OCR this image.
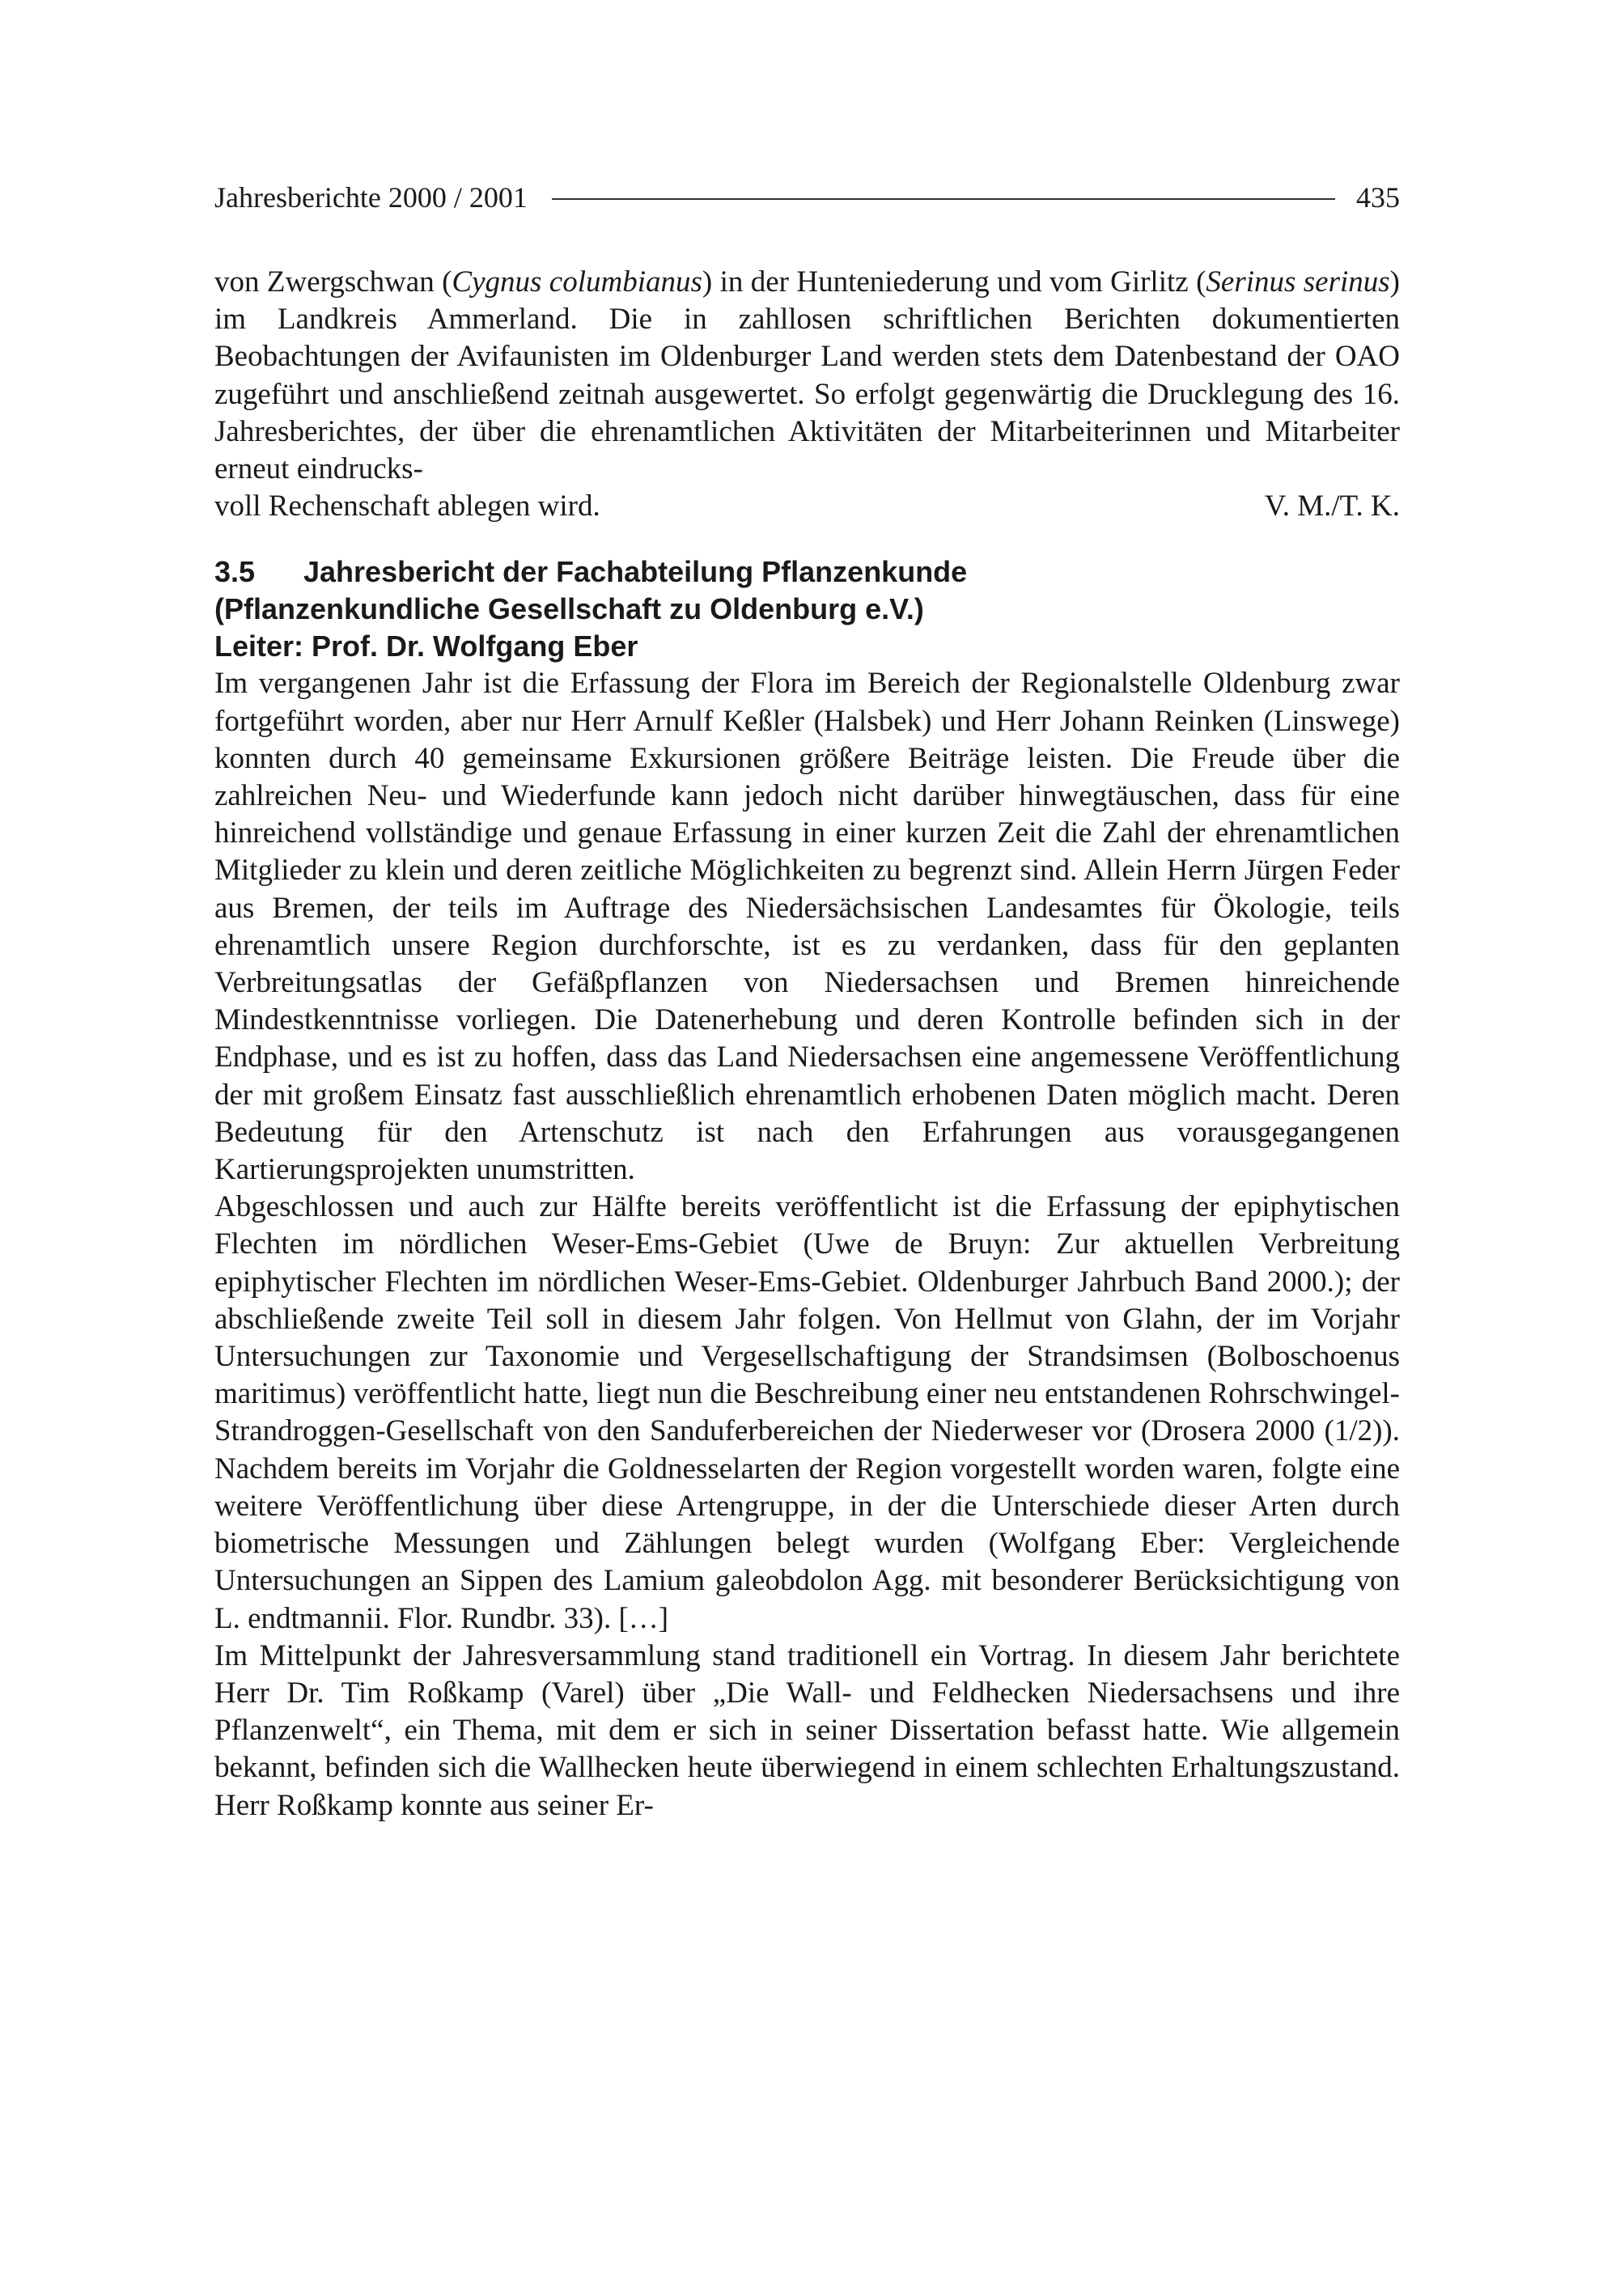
Jahresberichte 2000 / 2001	435

von Zwergschwan (Cygnus columbianus) in der Hunteniederung und vom Girlitz (Serinus serinus) im Landkreis Ammerland. Die in zahllosen schriftlichen Berichten dokumentierten Beobachtungen der Avifaunisten im Oldenburger Land werden stets dem Datenbestand der OAO zugeführt und anschließend zeitnah ausgewertet. So erfolgt gegenwärtig die Drucklegung des 16. Jahresberichtes, der über die ehrenamtlichen Aktivitäten der Mitarbeiterinnen und Mitarbeiter erneut eindrucks-

voll Rechenschaft ablegen wird.	V. M./T. K.
3.5 Jahresbericht der Fachabteilung Pflanzenkunde
(Pflanzenkundliche Gesellschaft zu Oldenburg e.V.)
Leiter: Prof. Dr. Wolfgang Eber

Im vergangenen Jahr ist die Erfassung der Flora im Bereich der Regionalstelle Oldenburg zwar fortgeführt worden, aber nur Herr Arnulf Keßler (Halsbek) und Herr Johann Reinken (Linswege) konnten durch 40 gemeinsame Exkursionen größere Beiträge leisten. Die Freude über die zahlreichen Neu- und Wiederfunde kann jedoch nicht darüber hinwegtäuschen, dass für eine hinreichend vollständige und genaue Erfassung in einer kurzen Zeit die Zahl der ehrenamtlichen Mitglieder zu klein und deren zeitliche Möglichkeiten zu begrenzt sind. Allein Herrn Jürgen Feder aus Bremen, der teils im Auftrage des Niedersächsischen Landesamtes für Ökologie, teils ehrenamtlich unsere Region durchforschte, ist es zu verdanken, dass für den geplanten Verbreitungsatlas der Gefäßpflanzen von Niedersachsen und Bremen hinreichende Mindestkenntnisse vorliegen. Die Datenerhebung und deren Kontrolle befinden sich in der Endphase, und es ist zu hoffen, dass das Land Niedersachsen eine angemessene Veröffentlichung der mit großem Einsatz fast ausschließlich ehrenamtlich erhobenen Daten möglich macht. Deren Bedeutung für den Artenschutz ist nach den Erfahrungen aus vorausgegangenen Kartierungsprojekten unumstritten.

Abgeschlossen und auch zur Hälfte bereits veröffentlicht ist die Erfassung der epiphytischen Flechten im nördlichen Weser-Ems-Gebiet (Uwe de Bruyn: Zur aktuellen Verbreitung epiphytischer Flechten im nördlichen Weser-Ems-Gebiet. Oldenburger Jahrbuch Band 2000.); der abschließende zweite Teil soll in diesem Jahr folgen. Von Hellmut von Glahn, der im Vorjahr Untersuchungen zur Taxonomie und Vergesellschaftigung der Strandsimsen (Bolboschoenus maritimus) veröffentlicht hatte, liegt nun die Beschreibung einer neu entstandenen Rohrschwingel-Strandroggen-Gesellschaft von den Sanduferbereichen der Niederweser vor (Drosera 2000 (1/2)). Nachdem bereits im Vorjahr die Goldnesselarten der Region vorgestellt worden waren, folgte eine weitere Veröffentlichung über diese Artengruppe, in der die Unterschiede dieser Arten durch biometrische Messungen und Zählungen belegt wurden (Wolfgang Eber: Vergleichende Untersuchungen an Sippen des Lamium galeobdolon Agg. mit besonderer Berücksichtigung von L. endtmannii. Flor. Rundbr. 33). […]

Im Mittelpunkt der Jahresversammlung stand traditionell ein Vortrag. In diesem Jahr berichtete Herr Dr. Tim Roßkamp (Varel) über „Die Wall- und Feldhecken Niedersachsens und ihre Pflanzenwelt“, ein Thema, mit dem er sich in seiner Dissertation befasst hatte. Wie allgemein bekannt, befinden sich die Wallhecken heute überwiegend in einem schlechten Erhaltungszustand. Herr Roßkamp konnte aus seiner Er-
